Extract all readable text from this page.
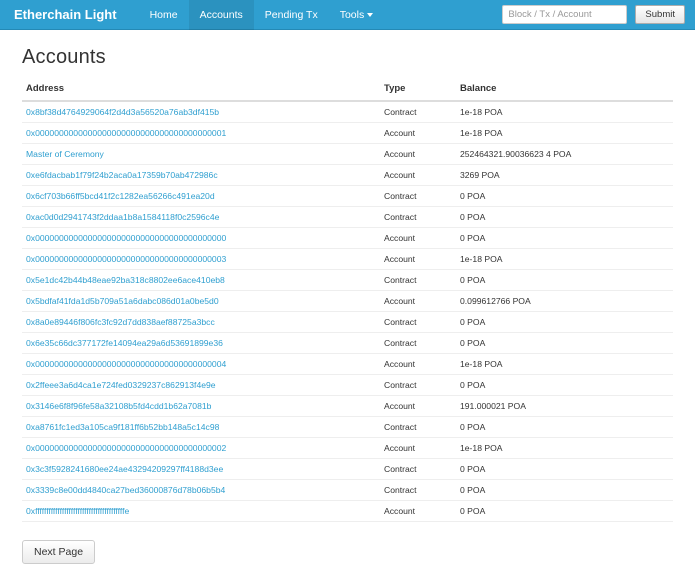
Etherchain Light	Home	Accounts	Pending Tx	Tools
Block / Tx / Account	Submit
Accounts
Address	Type	Balance
0x8bf38d4764929064f2d4d3a56520a76ab3df415b	Contract	1e-18 POA
0x0000000000000000000000000000000000000001	Account	1e-18 POA
Master of Ceremony	Account	252464321.90036623 4 POA
0xe6fdacbab1f79f24b2aca0a17359b70ab472986c	Account	3269 POA
0x6cf703b66ff5bcd41f2c1282ea56266c491ea20d	Contract	0 POA
0xac0d0d2941743f2ddaa1b8a1584118f0c2596c4e	Contract	0 POA
0x0000000000000000000000000000000000000000	Account	0 POA
0x0000000000000000000000000000000000000003	Account	1e-18 POA
0x5e1dc42b44b48eae92ba318c8802ee6ace410eb8	Contract	0 POA
0x5bdfaf41fda1d5b709a51a6dabc086d01a0be5d0	Account	0.099612766 POA
0x8a0e89446f806fc3fc92d7dd838aef88725a3bcc	Contract	0 POA
0x6e35c66dc377172fe14094ea29a6d53691899e36	Contract	0 POA
0x0000000000000000000000000000000000000004	Account	1e-18 POA
0x2ffeee3a6d4ca1e724fed0329237c862913f4e9e	Contract	0 POA
0x3146e6f8f96fe58a32108b5fd4cdd1b62a7081b	Account	191.000021 POA
0xa8761fc1ed3a105ca9f181ff6b52bb148a5c14c98	Contract	0 POA
0x0000000000000000000000000000000000000002	Account	1e-18 POA
0x3c3f5928241680ee24ae43294209297ff4188d3ee	Contract	0 POA
0x3339c8e00dd4840ca27bed36000876d78b06b5b4	Contract	0 POA
0xffffffffffffffffffffffffffffffffffffffffe	Account	0 POA
Next Page
